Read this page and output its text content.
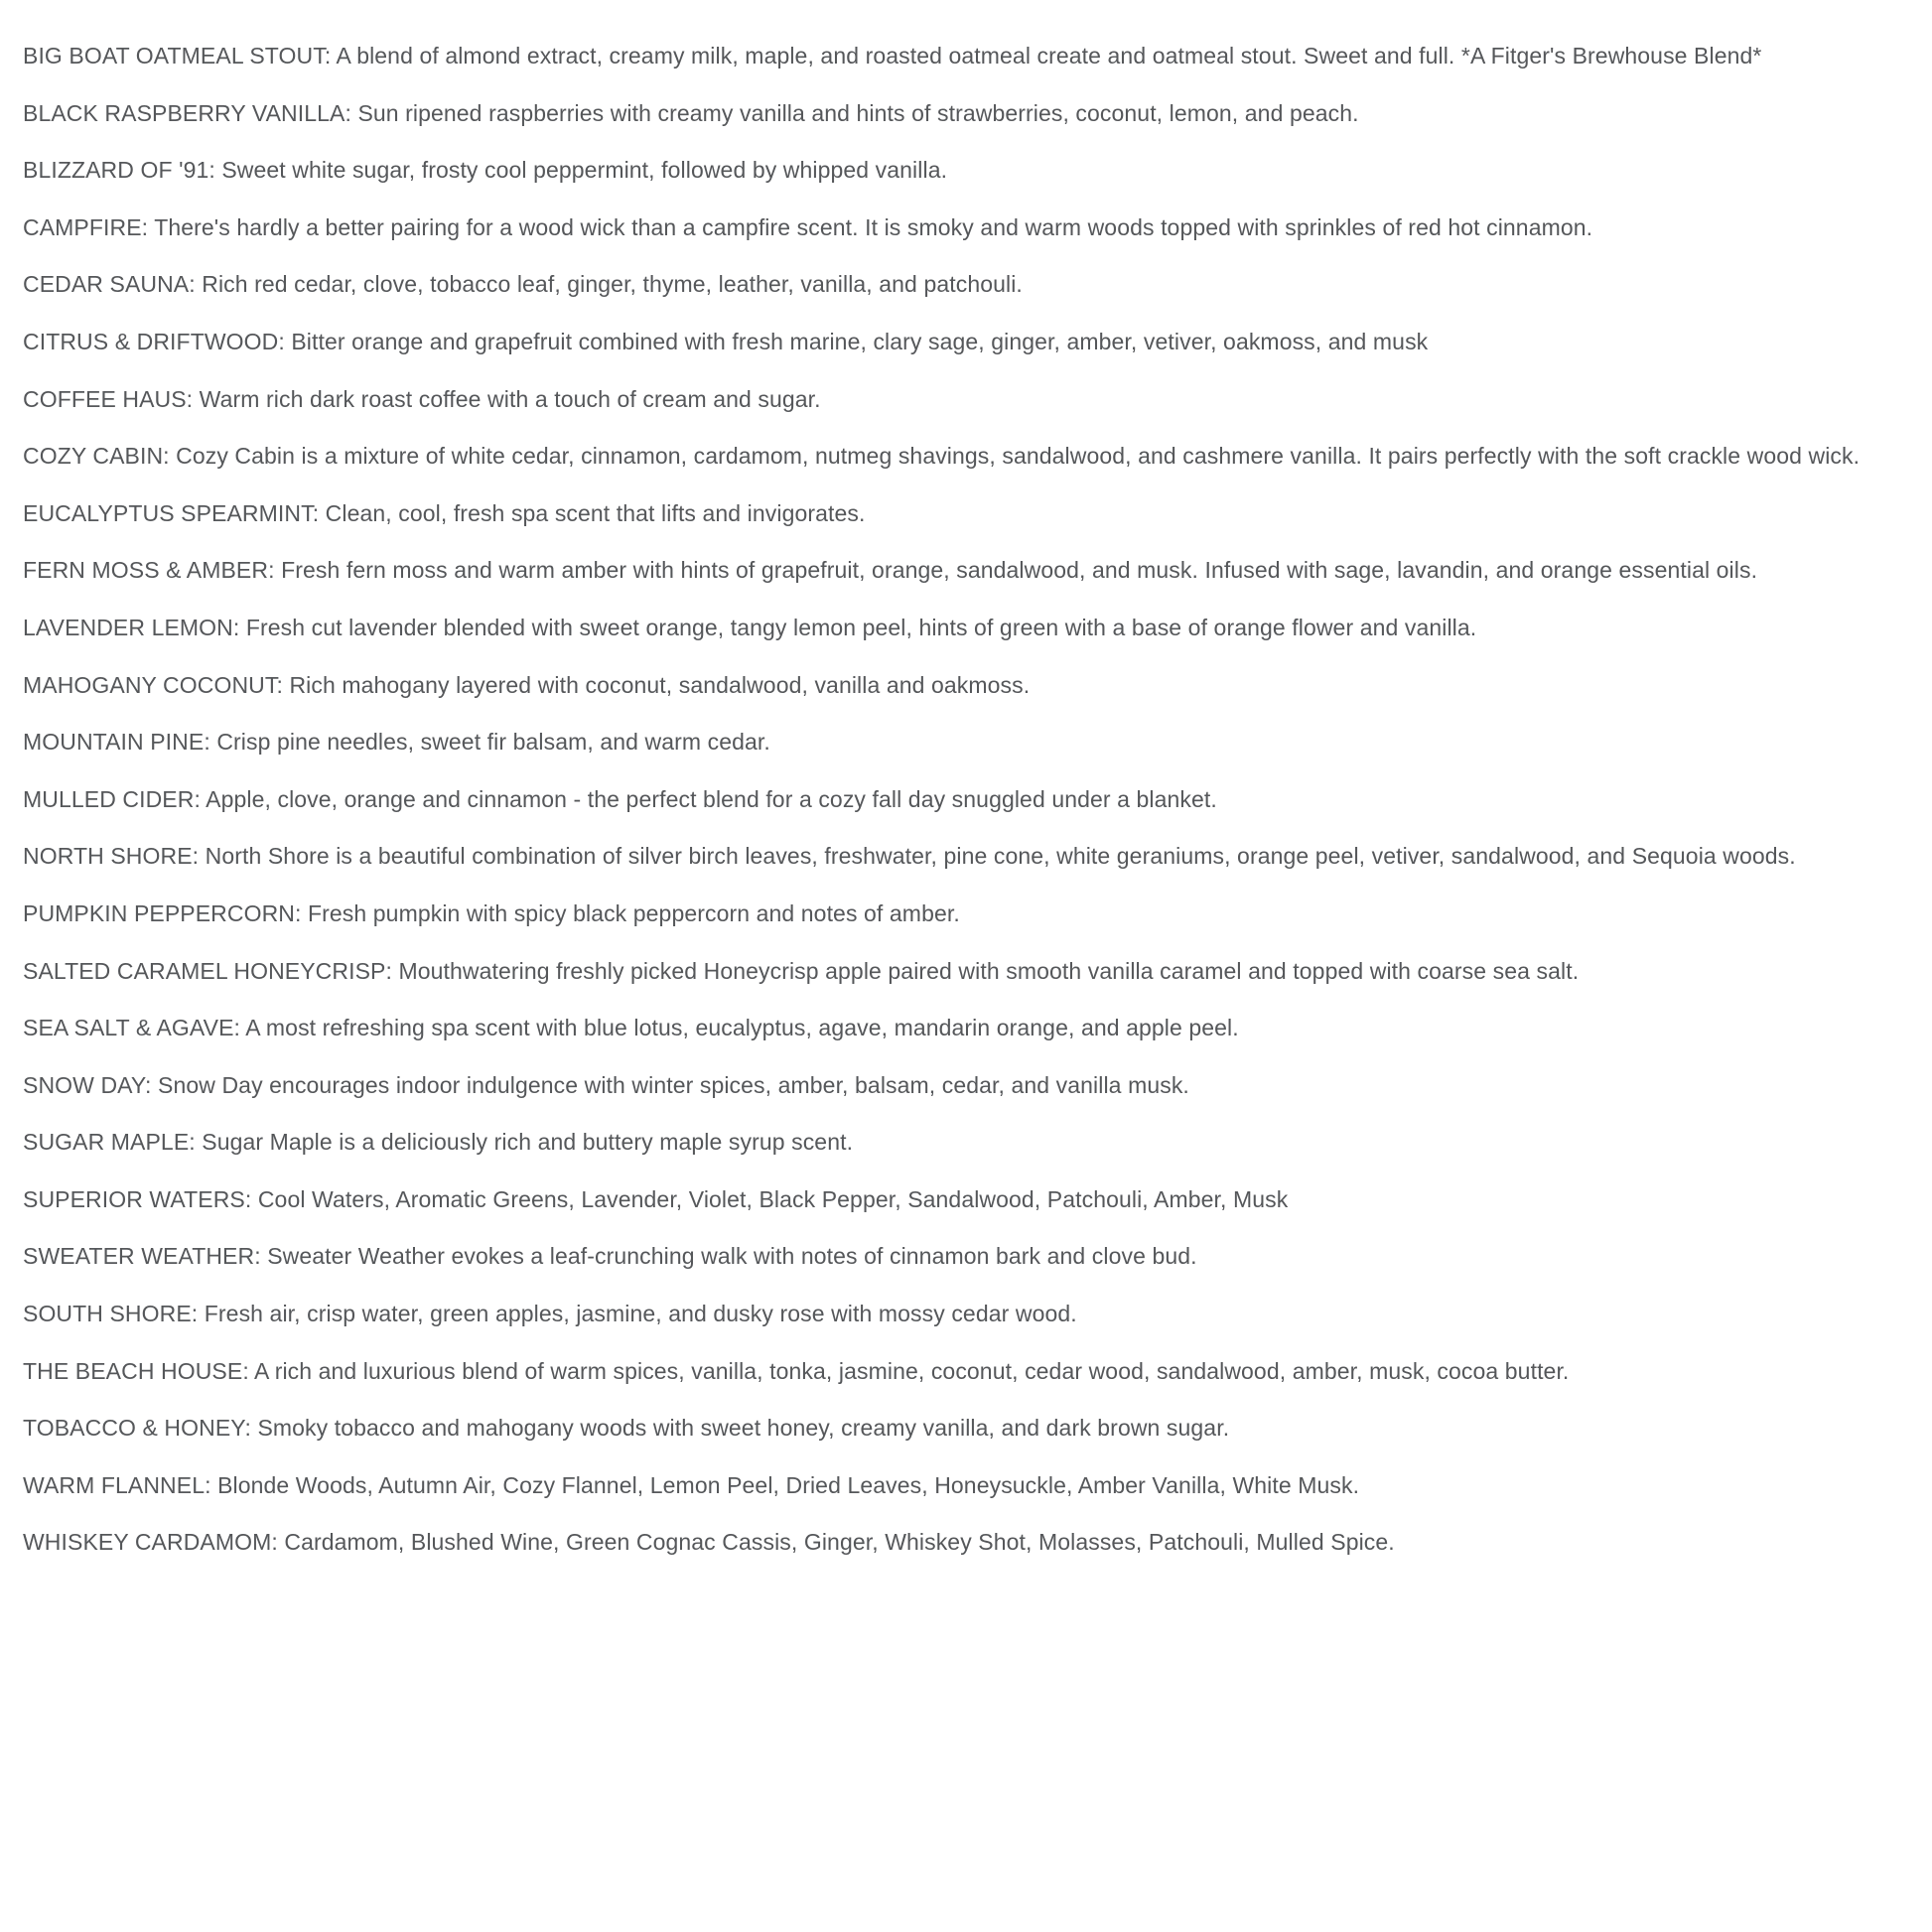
BIG BOAT OATMEAL STOUT: A blend of almond extract, creamy milk, maple, and roasted oatmeal create and oatmeal stout. Sweet and full. *A Fitger's Brewhouse Blend*

BLACK RASPBERRY VANILLA: Sun ripened raspberries with creamy vanilla and hints of strawberries, coconut, lemon, and peach.

BLIZZARD OF '91: Sweet white sugar, frosty cool peppermint, followed by whipped vanilla.

CAMPFIRE: There's hardly a better pairing for a wood wick than a campfire scent. It is smoky and warm woods topped with sprinkles of red hot cinnamon.

CEDAR SAUNA: Rich red cedar, clove, tobacco leaf, ginger, thyme, leather, vanilla, and patchouli.

CITRUS & DRIFTWOOD: Bitter orange and grapefruit combined with fresh marine, clary sage, ginger, amber, vetiver, oakmoss, and musk

COFFEE HAUS: Warm rich dark roast coffee with a touch of cream and sugar.

COZY CABIN: Cozy Cabin is a mixture of white cedar, cinnamon, cardamom, nutmeg shavings, sandalwood, and cashmere vanilla. It pairs perfectly with the soft crackle wood wick.

EUCALYPTUS SPEARMINT: Clean, cool, fresh spa scent that lifts and invigorates.

FERN MOSS & AMBER: Fresh fern moss and warm amber with hints of grapefruit, orange, sandalwood, and musk. Infused with sage, lavandin, and orange essential oils.

LAVENDER LEMON: Fresh cut lavender blended with sweet orange, tangy lemon peel, hints of green with a base of orange flower and vanilla.

MAHOGANY COCONUT: Rich mahogany layered with coconut, sandalwood, vanilla and oakmoss.

MOUNTAIN PINE: Crisp pine needles, sweet fir balsam, and warm cedar.

MULLED CIDER: Apple, clove, orange and cinnamon - the perfect blend for a cozy fall day snuggled under a blanket.

NORTH SHORE: North Shore is a beautiful combination of silver birch leaves, freshwater, pine cone, white geraniums, orange peel, vetiver, sandalwood, and Sequoia woods.

PUMPKIN PEPPERCORN: Fresh pumpkin with spicy black peppercorn and notes of amber.

SALTED CARAMEL HONEYCRISP: Mouthwatering freshly picked Honeycrisp apple paired with smooth vanilla caramel and topped with coarse sea salt.

SEA SALT & AGAVE: A most refreshing spa scent with blue lotus, eucalyptus, agave, mandarin orange, and apple peel.

SNOW DAY: Snow Day encourages indoor indulgence with winter spices, amber, balsam, cedar, and vanilla musk.

SUGAR MAPLE: Sugar Maple is a deliciously rich and buttery maple syrup scent.

SUPERIOR WATERS: Cool Waters, Aromatic Greens, Lavender, Violet, Black Pepper, Sandalwood, Patchouli, Amber, Musk

SWEATER WEATHER: Sweater Weather evokes a leaf-crunching walk with notes of cinnamon bark and clove bud.

SOUTH SHORE: Fresh air, crisp water, green apples, jasmine, and dusky rose with mossy cedar wood.

THE BEACH HOUSE: A rich and luxurious blend of warm spices, vanilla, tonka, jasmine, coconut, cedar wood, sandalwood, amber, musk, cocoa butter.

TOBACCO & HONEY: Smoky tobacco and mahogany woods with sweet honey, creamy vanilla, and dark brown sugar.

WARM FLANNEL: Blonde Woods, Autumn Air, Cozy Flannel, Lemon Peel, Dried Leaves, Honeysuckle, Amber Vanilla, White Musk.

WHISKEY CARDAMOM: Cardamom, Blushed Wine, Green Cognac Cassis, Ginger, Whiskey Shot, Molasses, Patchouli, Mulled Spice.
